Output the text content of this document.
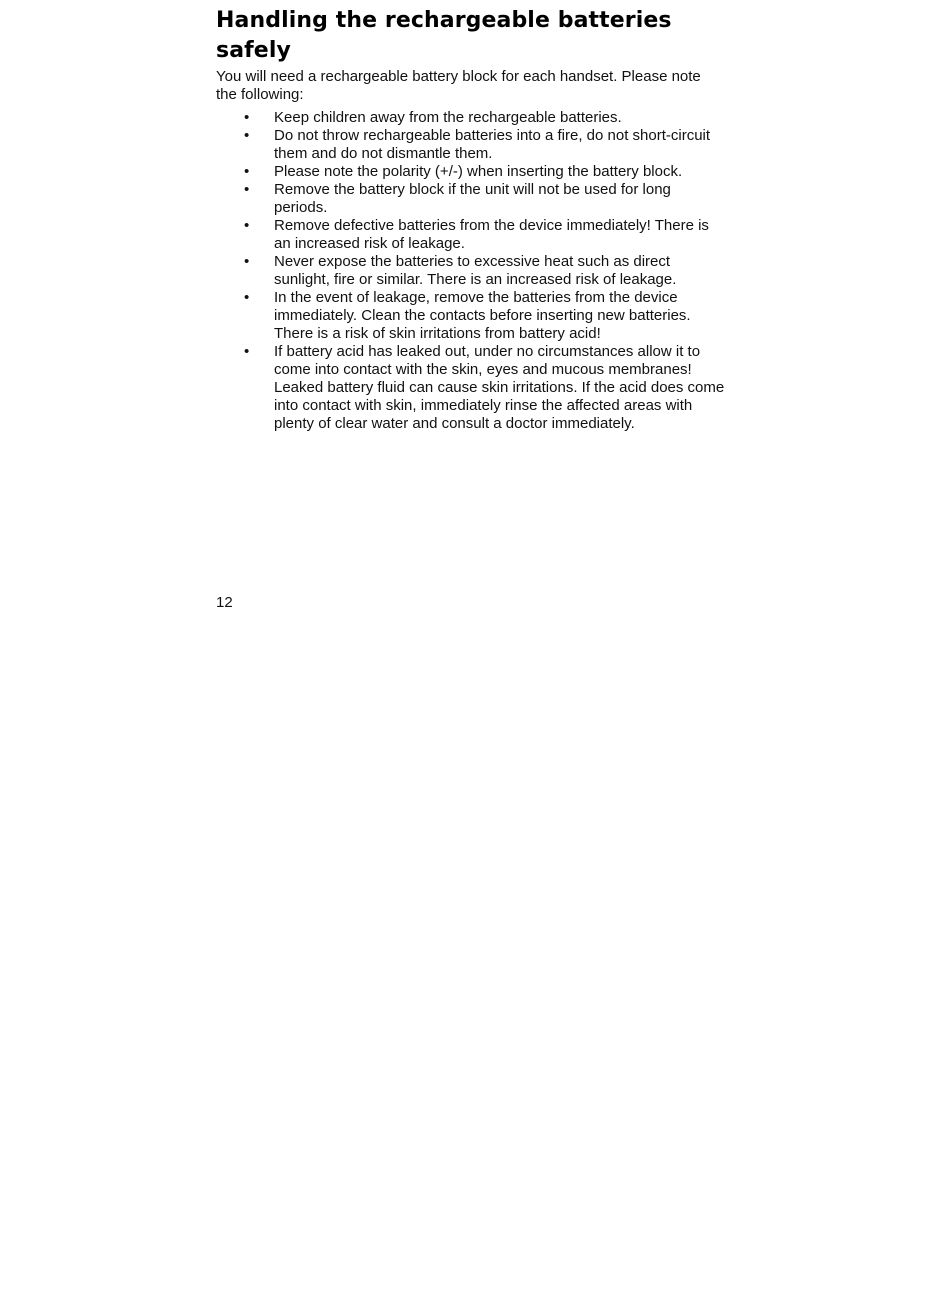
Handling the rechargeable batteries safely

You will need a rechargeable battery block for each handset. Please note the following:

•	Keep children away from the rechargeable batteries.
•	Do not throw rechargeable batteries into a fire, do not short-circuit them and do not dismantle them.
•	Please note the polarity (+/-) when inserting the battery block.
•	Remove the battery block if the unit will not be used for long periods.
•	Remove defective batteries from the device immediately! There is an increased risk of leakage.
•	Never expose the batteries to excessive heat such as direct sunlight, fire or similar. There is an increased risk of leakage.
•	In the event of leakage, remove the batteries from the device immediately. Clean the contacts before inserting new batteries. There is a risk of skin irritations from battery acid!
•	If battery acid has leaked out, under no circumstances allow it to come into contact with the skin, eyes and mucous membranes! Leaked battery fluid can cause skin irritations. If the acid does come into contact with skin, immediately rinse the affected areas with plenty of clear water and consult a doctor immediately.

12
